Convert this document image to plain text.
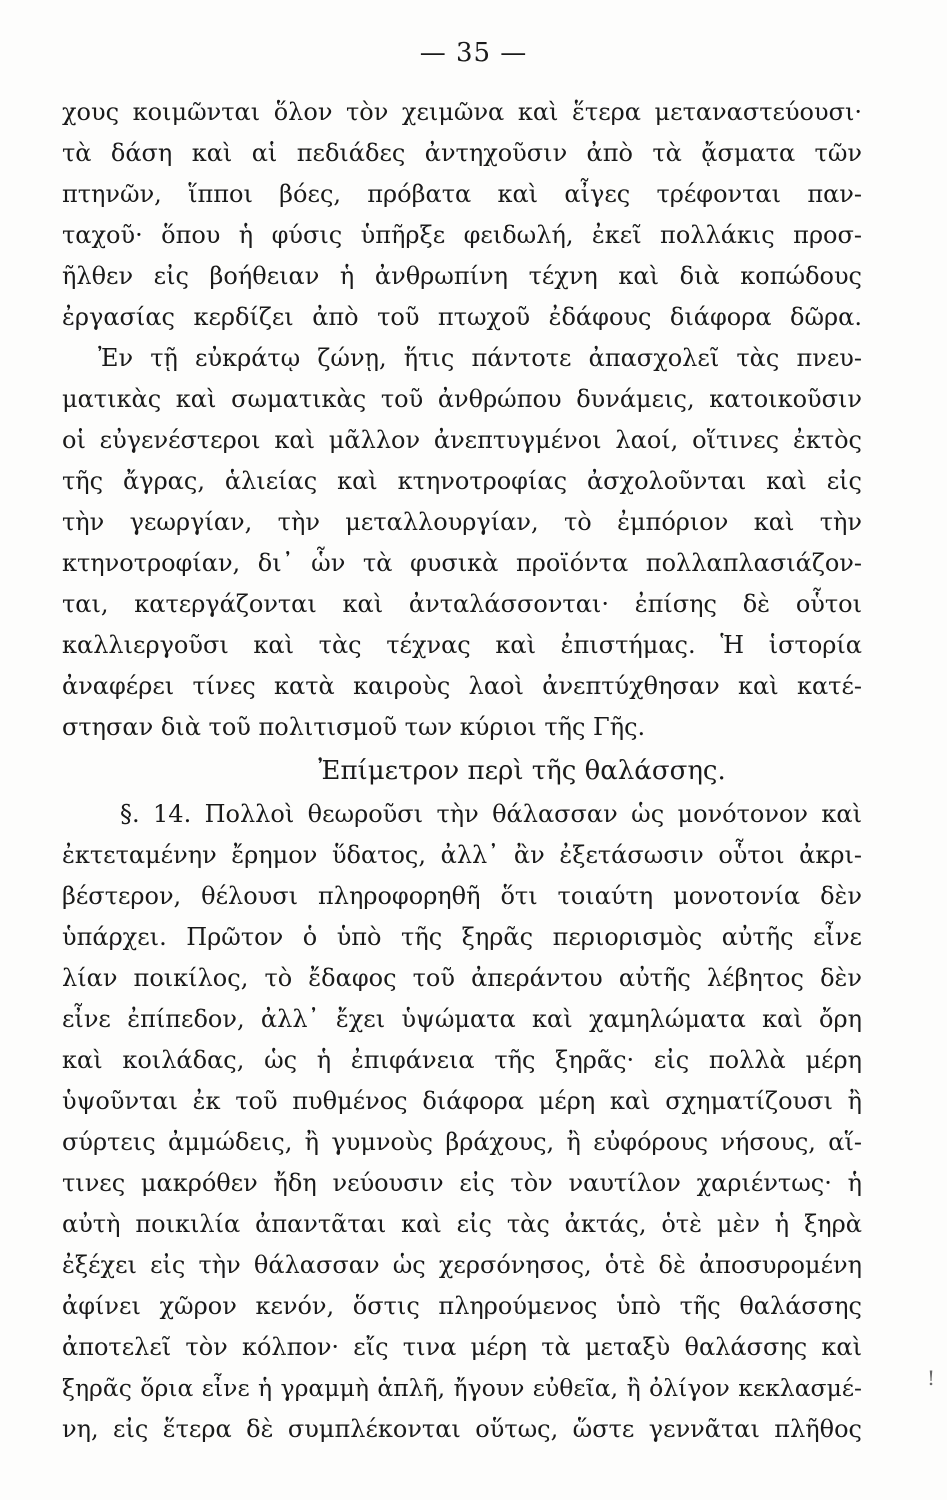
— 35 —
χους κοιμῶνται ὅλον τὸν χειμῶνα καὶ ἕτερα μεταναστεύουσι·
τὰ δάση καὶ αἱ πεδιάδες ἀντηχοῦσιν ἀπὸ τὰ ᾄσματα τῶν
πτηνῶν, ἵπποι βόες, πρόβατα καὶ αἶγες τρέφονται παν-
ταχοῦ· ὅπου ἡ φύσις ὑπῆρξε φειδωλή, ἐκεῖ πολλάκις προσ-
ῆλθεν εἰς βοήθειαν ἡ ἀνθρωπίνη τέχνη καὶ διὰ κοπώδους
ἐργασίας κερδίζει ἀπὸ τοῦ πτωχοῦ ἐδάφους διάφορα δῶρα.
Ἐν τῇ εὐκράτῳ ζώνῃ, ἥτις πάντοτε ἀπασχολεῖ τὰς πνευ-
ματικὰς καὶ σωματικὰς τοῦ ἀνθρώπου δυνάμεις, κατοικοῦσιν
οἱ εὐγενέστεροι καὶ μᾶλλον ἀνεπτυγμένοι λαοί, οἵτινες ἐκτὸς
τῆς ἄγρας, ἁλιείας καὶ κτηνοτροφίας ἀσχολοῦνται καὶ εἰς
τὴν γεωργίαν, τὴν μεταλλουργίαν, τὸ ἐμπόριον καὶ τὴν
κτηνοτροφίαν, δι᾽ ὧν τὰ φυσικὰ προϊόντα πολλαπλασιάζον-
ται, κατεργάζονται καὶ ἀνταλάσσονται· ἐπίσης δὲ οὗτοι
καλλιεργοῦσι καὶ τὰς τέχνας καὶ ἐπιστήμας. Ἡ ἱστορία
ἀναφέρει τίνες κατὰ καιροὺς λαοὶ ἀνεπτύχθησαν καὶ κατέ-
στησαν διὰ τοῦ πολιτισμοῦ των κύριοι τῆς Γῆς.
Ἐπίμετρον περὶ τῆς θαλάσσης.
§. 14. Πολλοὶ θεωροῦσι τὴν θάλασσαν ὡς μονότονον καὶ
ἐκτεταμένην ἔρημον ὕδατος, ἀλλ᾽ ἂν ἐξετάσωσιν οὗτοι ἀκρι-
βέστερον, θέλουσι πληροφορηθῆ ὅτι τοιαύτη μονοτονία δὲν
ὑπάρχει. Πρῶτον ὁ ὑπὸ τῆς ξηρᾶς περιορισμὸς αὐτῆς εἶνε
λίαν ποικίλος, τὸ ἔδαφος τοῦ ἀπεράντου αὐτῆς λέβητος δὲν
εἶνε ἐπίπεδον, ἀλλ᾽ ἔχει ὑψώματα καὶ χαμηλώματα καὶ ὄρη
καὶ κοιλάδας, ὡς ἡ ἐπιφάνεια τῆς ξηρᾶς· εἰς πολλὰ μέρη
ὑψοῦνται ἐκ τοῦ πυθμένος διάφορα μέρη καὶ σχηματίζουσι ἢ
σύρτεις ἀμμώδεις, ἢ γυμνοὺς βράχους, ἢ εὐφόρους νήσους, αἵ-
τινες μακρόθεν ἤδη νεύουσιν εἰς τὸν ναυτίλον χαριέντως· ἡ
αὐτὴ ποικιλία ἀπαντᾶται καὶ εἰς τὰς ἀκτάς, ὁτὲ μὲν ἡ ξηρὰ
ἐξέχει εἰς τὴν θάλασσαν ὡς χερσόνησος, ὁτὲ δὲ ἀποσυρομένη
ἀφίνει χῶρον κενόν, ὅστις πληρούμενος ὑπὸ τῆς θαλάσσης
ἀποτελεῖ τὸν κόλπον· εἴς τινα μέρη τὰ μεταξὺ θαλάσσης καὶ
ξηρᾶς ὅρια εἶνε ἡ γραμμὴ ἁπλῆ, ἤγουν εὐθεῖα, ἢ ὀλίγον κεκλασμέ-
νη, εἰς ἕτερα δὲ συμπλέκονται οὕτως, ὥστε γεννᾶται πλῆθος
!
